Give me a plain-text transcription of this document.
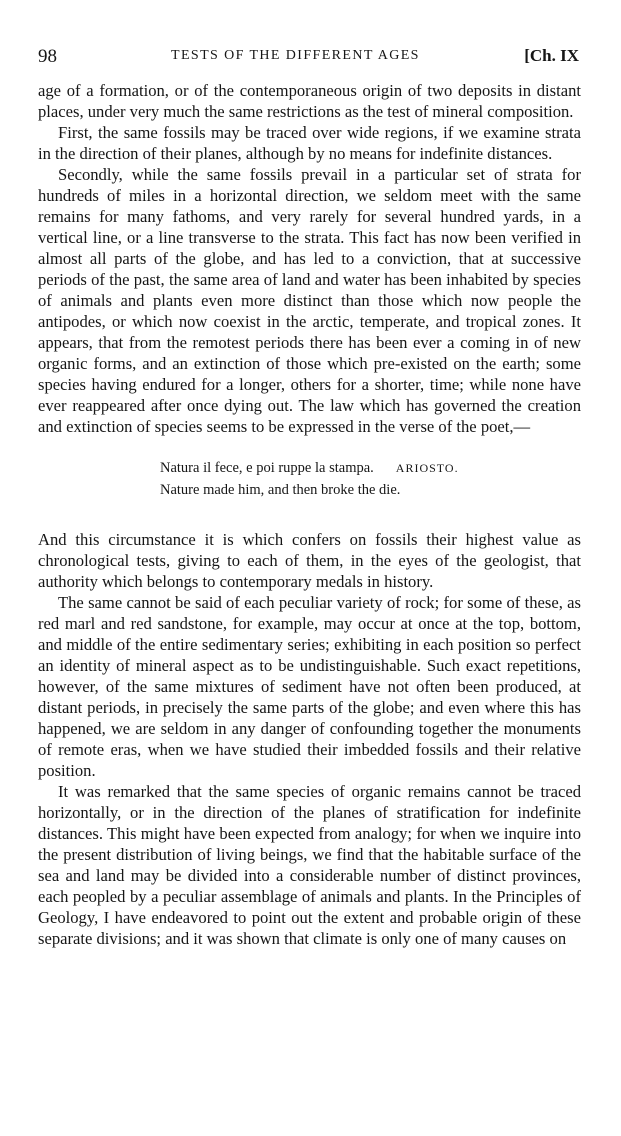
98	TESTS OF THE DIFFERENT AGES	[Ch. IX

age of a formation, or of the contemporaneous origin of two deposits in distant places, under very much the same restrictions as the test of mineral composition.

First, the same fossils may be traced over wide regions, if we examine strata in the direction of their planes, although by no means for indefinite distances.

Secondly, while the same fossils prevail in a particular set of strata for hundreds of miles in a horizontal direction, we seldom meet with the same remains for many fathoms, and very rarely for several hundred yards, in a vertical line, or a line transverse to the strata. This fact has now been verified in almost all parts of the globe, and has led to a conviction, that at successive periods of the past, the same area of land and water has been inhabited by species of animals and plants even more distinct than those which now people the antipodes, or which now coexist in the arctic, temperate, and tropical zones. It appears, that from the remotest periods there has been ever a coming in of new organic forms, and an extinction of those which pre-existed on the earth; some species having endured for a longer, others for a shorter, time; while none have ever reappeared after once dying out. The law which has governed the creation and extinction of species seems to be expressed in the verse of the poet,—

Natura il fece, e poi ruppe la stampa. ARIOSTO.
Nature made him, and then broke the die.

And this circumstance it is which confers on fossils their highest value as chronological tests, giving to each of them, in the eyes of the geologist, that authority which belongs to contemporary medals in history.

The same cannot be said of each peculiar variety of rock; for some of these, as red marl and red sandstone, for example, may occur at once at the top, bottom, and middle of the entire sedimentary series; exhibiting in each position so perfect an identity of mineral aspect as to be undistinguishable. Such exact repetitions, however, of the same mixtures of sediment have not often been produced, at distant periods, in precisely the same parts of the globe; and even where this has happened, we are seldom in any danger of confounding together the monuments of remote eras, when we have studied their imbedded fossils and their relative position.

It was remarked that the same species of organic remains cannot be traced horizontally, or in the direction of the planes of stratification for indefinite distances. This might have been expected from analogy; for when we inquire into the present distribution of living beings, we find that the habitable surface of the sea and land may be divided into a considerable number of distinct provinces, each peopled by a peculiar assemblage of animals and plants. In the Principles of Geology, I have endeavored to point out the extent and probable origin of these separate divisions; and it was shown that climate is only one of many causes on
